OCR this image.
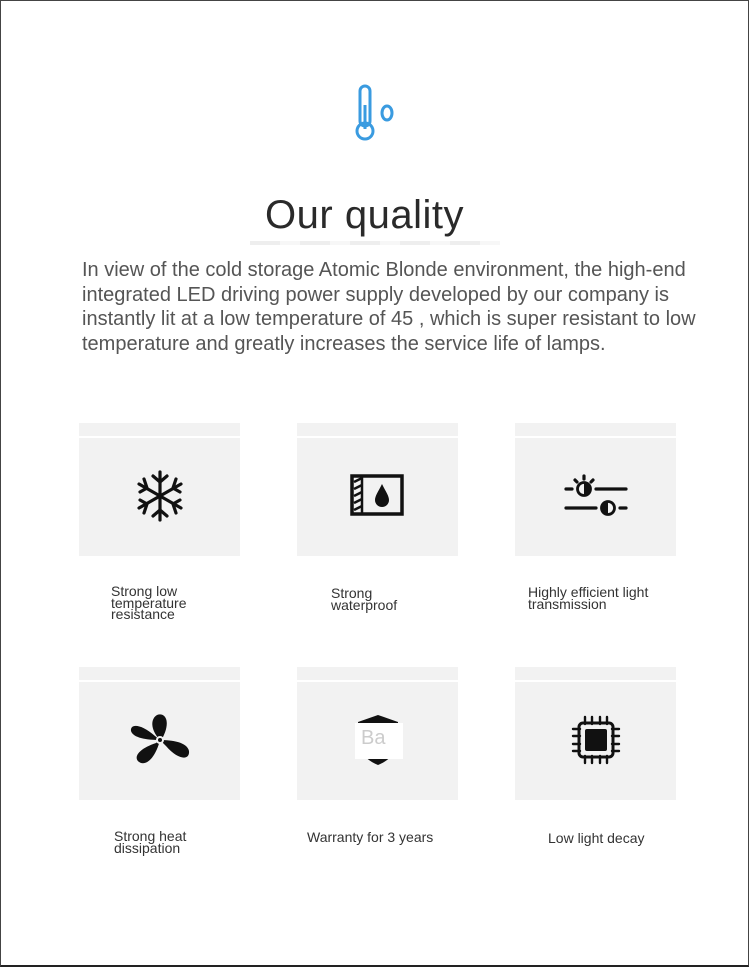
Our quality
In view of the cold storage Atomic Blonde environment, the high-end integrated LED driving power supply developed by our company is instantly lit at a low temperature of 45 , which is super resistant to low temperature and greatly increases the service life of lamps.
Strong low temperature resistance
Strong waterproof
Highly efficient light transmission
Ba
Strong heat dissipation
Warranty for 3 years	Low light decay
